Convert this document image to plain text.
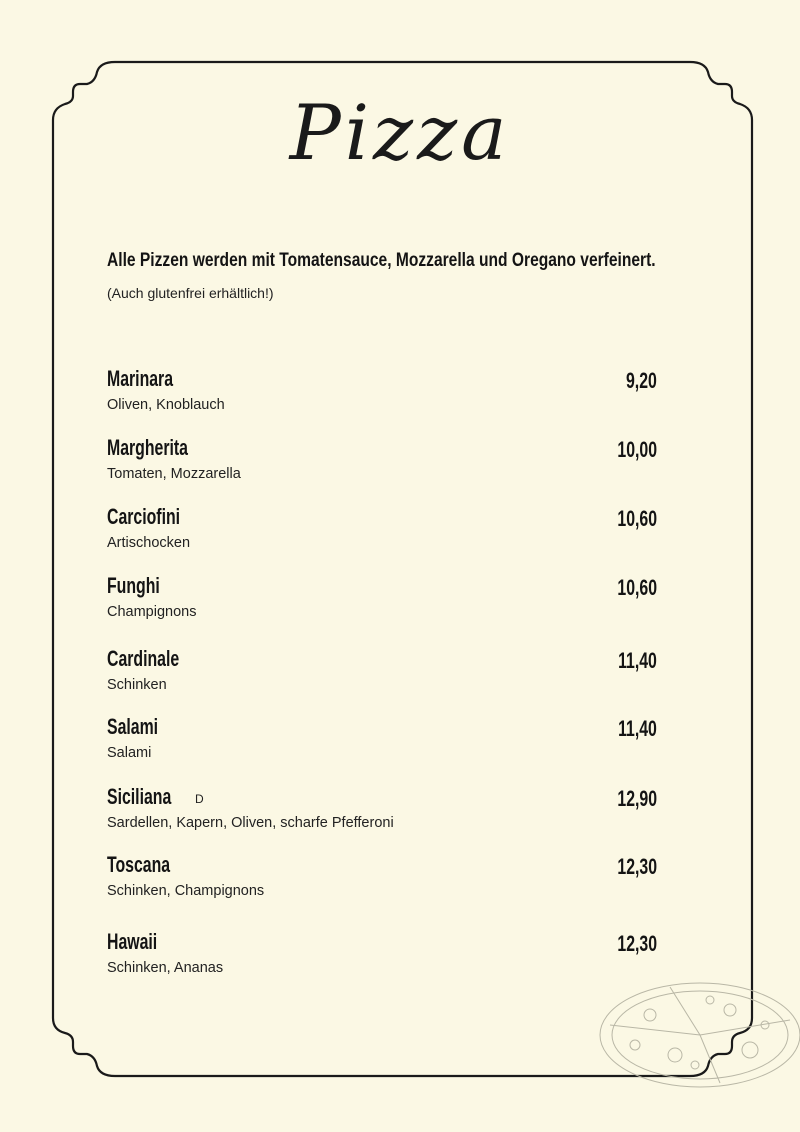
Pizza

Alle Pizzen werden mit Tomatensauce, Mozzarella und Oregano verfeinert.

(Auch glutenfrei erhältlich!)

Marinara	9,20
Oliven, Knoblauch
Margherita	10,00
Tomaten, Mozzarella
Carciofini	10,60
Artischocken
Funghi	10,60
Champignons
Cardinale	11,40
Schinken
Salami	11,40
Salami
Siciliana D	12,90
Sardellen, Kapern, Oliven, scharfe Pfefferoni
Toscana	12,30
Schinken, Champignons
Hawaii	12,30
Schinken, Ananas
